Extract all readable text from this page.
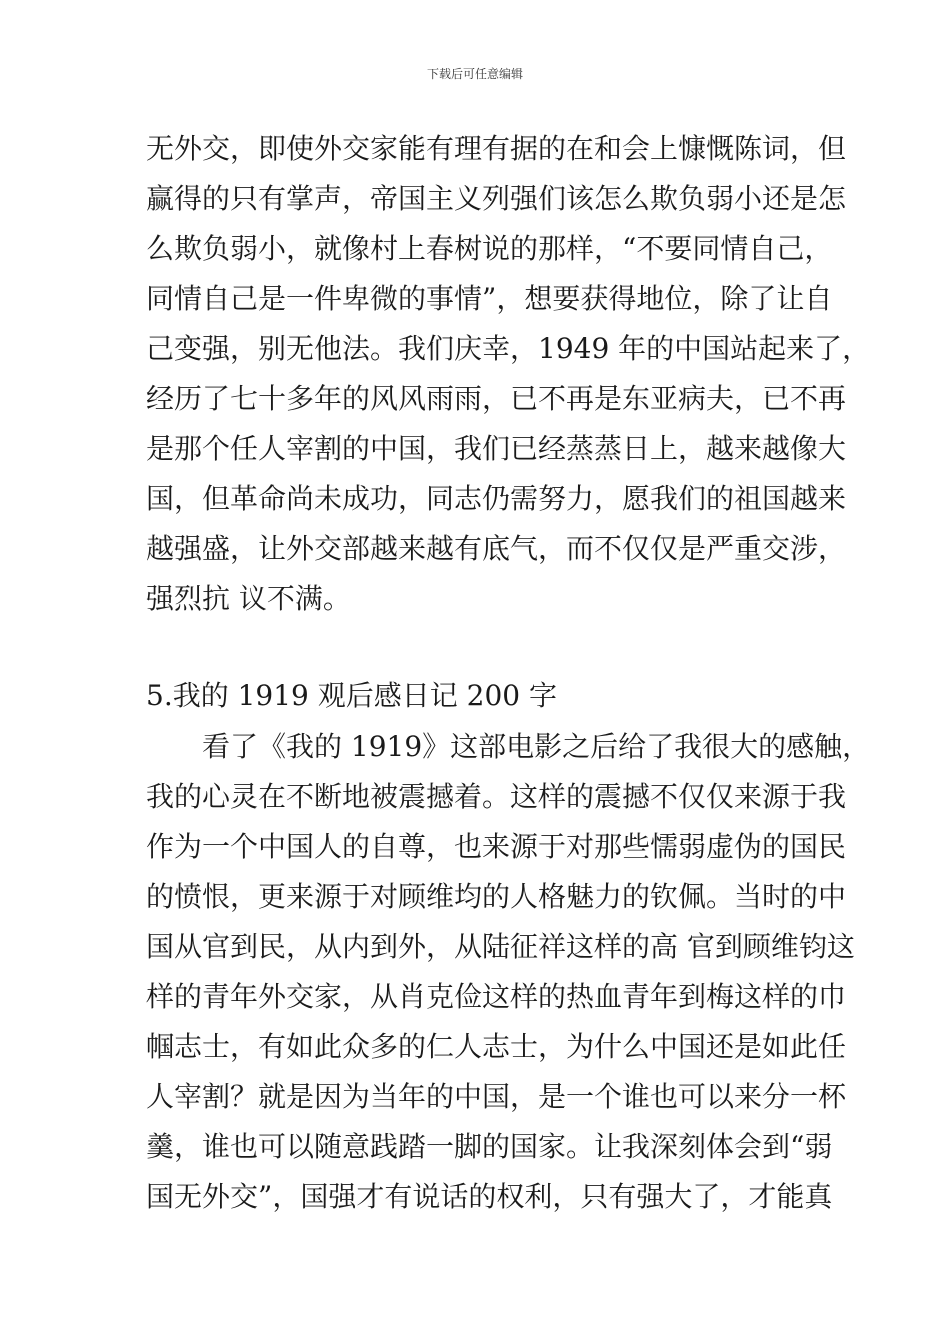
下载后可任意编辑
无外交，即使外交家能有理有据的在和会上慷慨陈词，但
赢得的只有掌声，帝国主义列强们该怎么欺负弱小还是怎
么欺负弱小，就像村上春树说的那样，“不要同情自己，
同情自己是一件卑微的事情”，想要获得地位，除了让自
己变强，别无他法。我们庆幸，1949 年的中国站起来了，
经历了七十多年的风风雨雨，已不再是东亚病夫，已不再
是那个任人宰割的中国，我们已经蒸蒸日上，越来越像大
国，但革命尚未成功，同志仍需努力，愿我们的祖国越来
越强盛，让外交部越来越有底气，而不仅仅是严重交涉，
强烈抗 议不满。
5.我的 1919 观后感日记 200 字
　　看了《我的 1919》这部电影之后给了我很大的感触，
我的心灵在不断地被震撼着。这样的震撼不仅仅来源于我
作为一个中国人的自尊，也来源于对那些懦弱虚伪的国民
的愤恨，更来源于对顾维均的人格魅力的钦佩。当时的中
国从官到民，从内到外，从陆征祥这样的高 官到顾维钧这
样的青年外交家，从肖克俭这样的热血青年到梅这样的巾
帼志士，有如此众多的仁人志士，为什么中国还是如此任
人宰割？就是因为当年的中国，是一个谁也可以来分一杯
羹，谁也可以随意践踏一脚的国家。让我深刻体会到“弱
国无外交”，国强才有说话的权利，只有强大了，才能真
